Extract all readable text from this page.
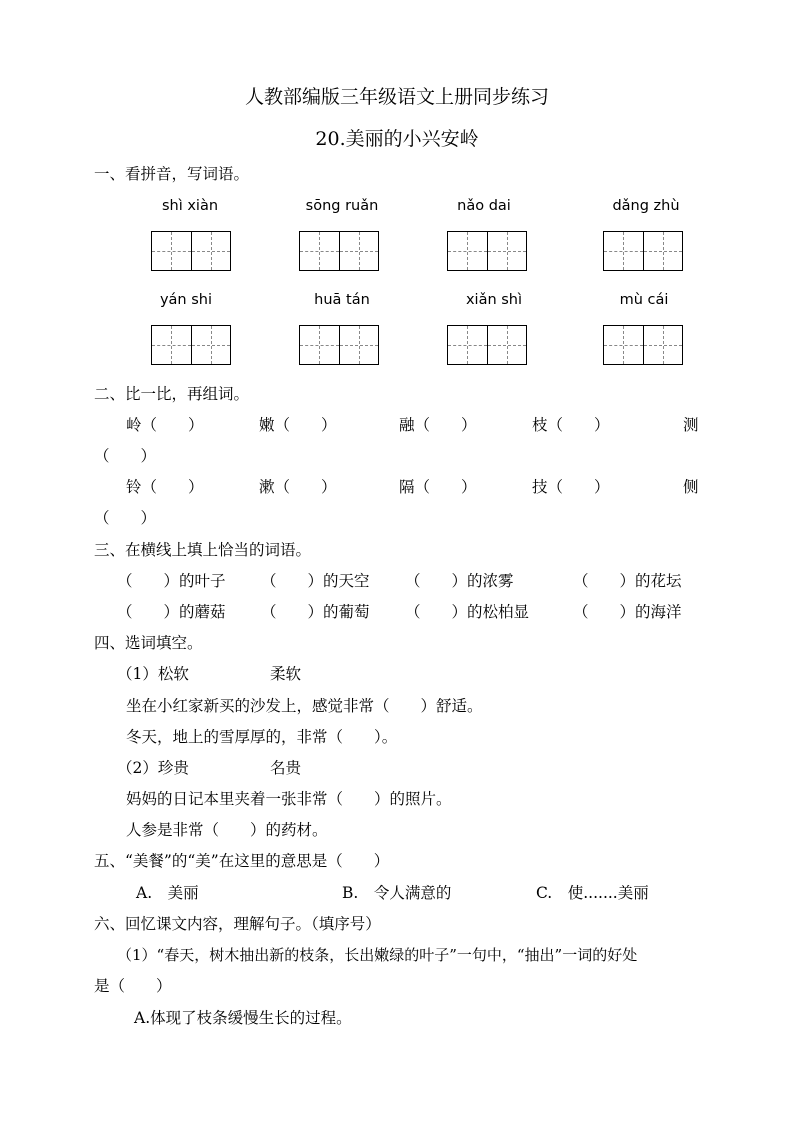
人教部编版三年级语文上册同步练习
20.美丽的小兴安岭
一、看拼音，写词语。
shì xiàn	sōng ruǎn	nǎo dai	dǎng zhù
yán shi	huā tán	xiǎn shì	mù cái
二、比一比，再组词。
岭（　　）	嫩（　　）	融（　　）	枝（　　）	测
（　　）
铃（　　）	漱（　　）	隔（　　）	技（　　）	侧
（　　）
三、在横线上填上恰当的词语。
（　　）的叶子 （　　）的天空 （　　）的浓雾	（　　）的花坛
（　　）的蘑菇 （　　）的葡萄 （　　）的松柏显	（　　）的海洋
四、选词填空。
（1）松软	柔软
坐在小红家新买的沙发上，感觉非常（　　）舒适。
冬天，地上的雪厚厚的，非常（　　）。
（2）珍贵	名贵
妈妈的日记本里夹着一张非常（　　）的照片。
人参是非常（　　）的药材。
五、“美餐”的“美”在这里的意思是（　　）
A.　美丽	B.　令人满意的	C.　使.......美丽
六、回忆课文内容，理解句子。（填序号）
（1）“春天，树木抽出新的枝条，长出嫩绿的叶子”一句中，“抽出”一词的好处
是（　　）
A.体现了枝条缓慢生长的过程。
